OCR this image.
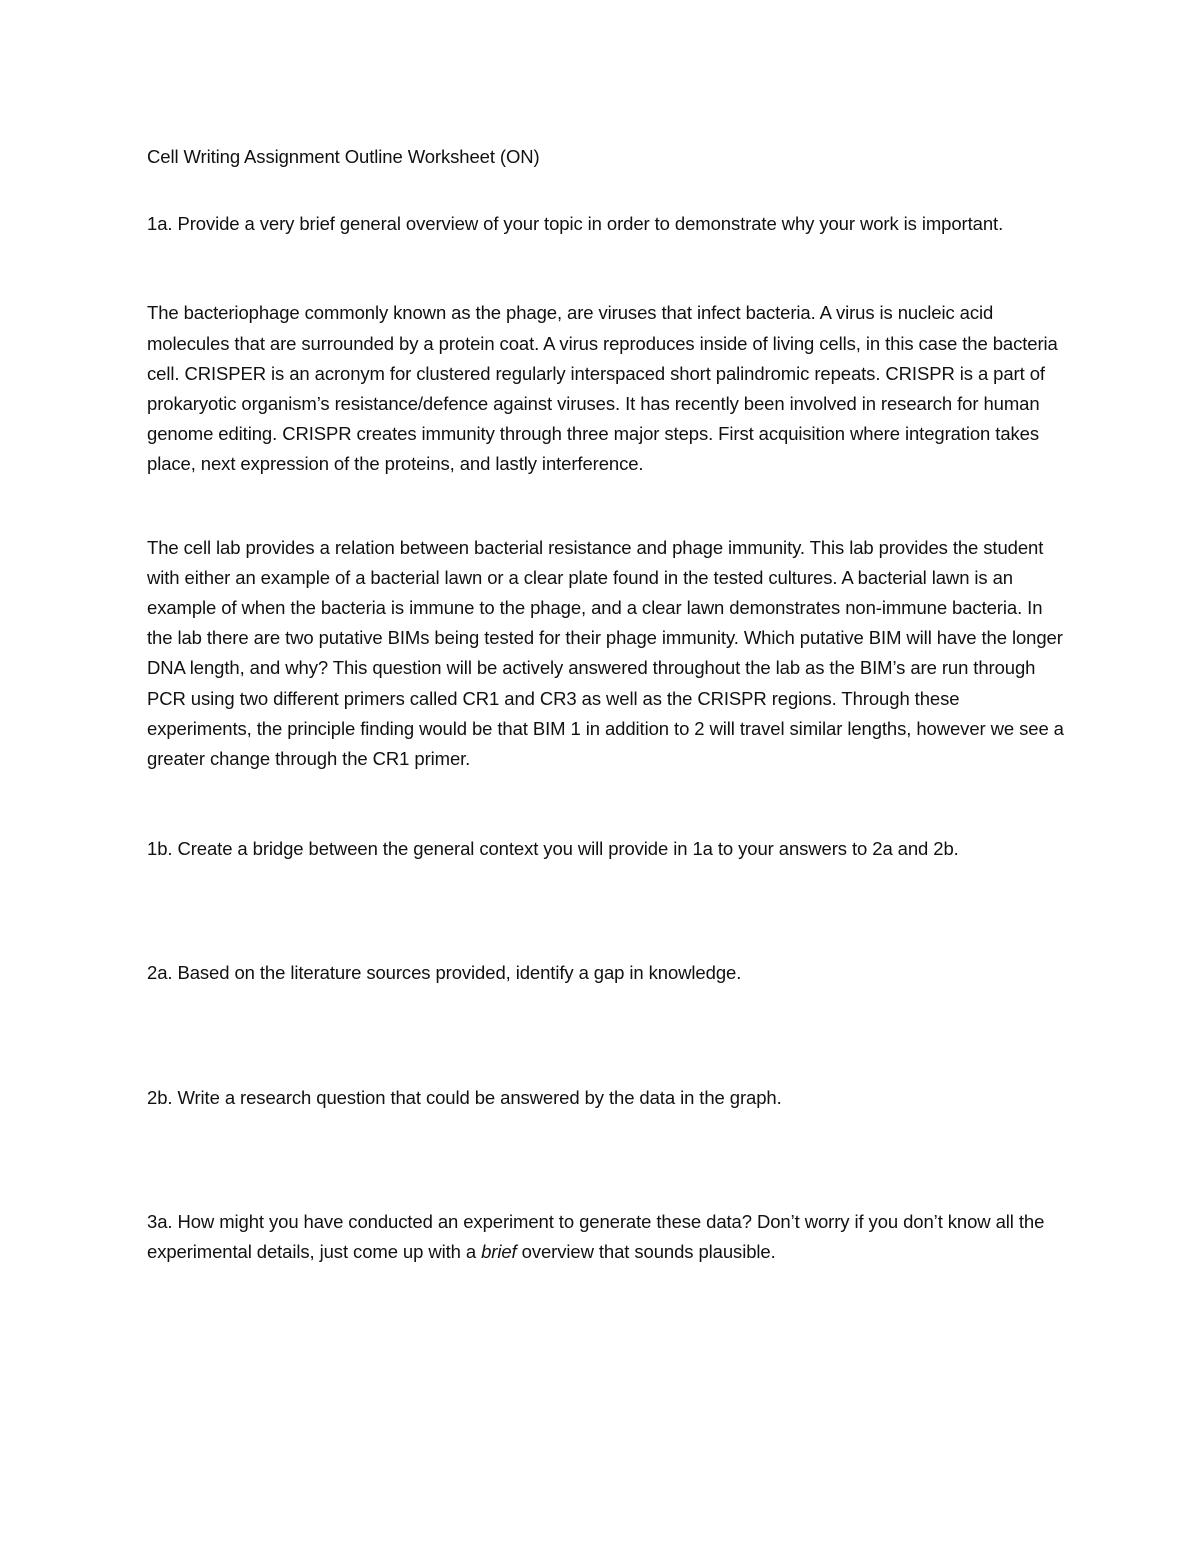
Cell Writing Assignment Outline Worksheet (ON)

1a. Provide a very brief general overview of your topic in order to demonstrate why your work is important.

The bacteriophage commonly known as the phage, are viruses that infect bacteria. A virus is nucleic acid molecules that are surrounded by a protein coat. A virus reproduces inside of living cells, in this case the bacteria cell. CRISPER is an acronym for clustered regularly interspaced short palindromic repeats. CRISPR is a part of prokaryotic organism’s resistance/defence against viruses. It has recently been involved in research for human genome editing. CRISPR creates immunity through three major steps. First acquisition where integration takes place, next expression of the proteins, and lastly interference.

The cell lab provides a relation between bacterial resistance and phage immunity. This lab provides the student with either an example of a bacterial lawn or a clear plate found in the tested cultures. A bacterial lawn is an example of when the bacteria is immune to the phage, and a clear lawn demonstrates non-immune bacteria. In the lab there are two putative BIMs being tested for their phage immunity. Which putative BIM will have the longer DNA length, and why? This question will be actively answered throughout the lab as the BIM’s are run through PCR using two different primers called CR1 and CR3 as well as the CRISPR regions. Through these experiments, the principle finding would be that BIM 1 in addition to 2 will travel similar lengths, however we see a greater change through the CR1 primer.

1b. Create a bridge between the general context you will provide in 1a to your answers to 2a and 2b.

2a. Based on the literature sources provided, identify a gap in knowledge.

2b. Write a research question that could be answered by the data in the graph.

3a. How might you have conducted an experiment to generate these data? Don’t worry if you don’t know all the experimental details, just come up with a brief overview that sounds plausible.
